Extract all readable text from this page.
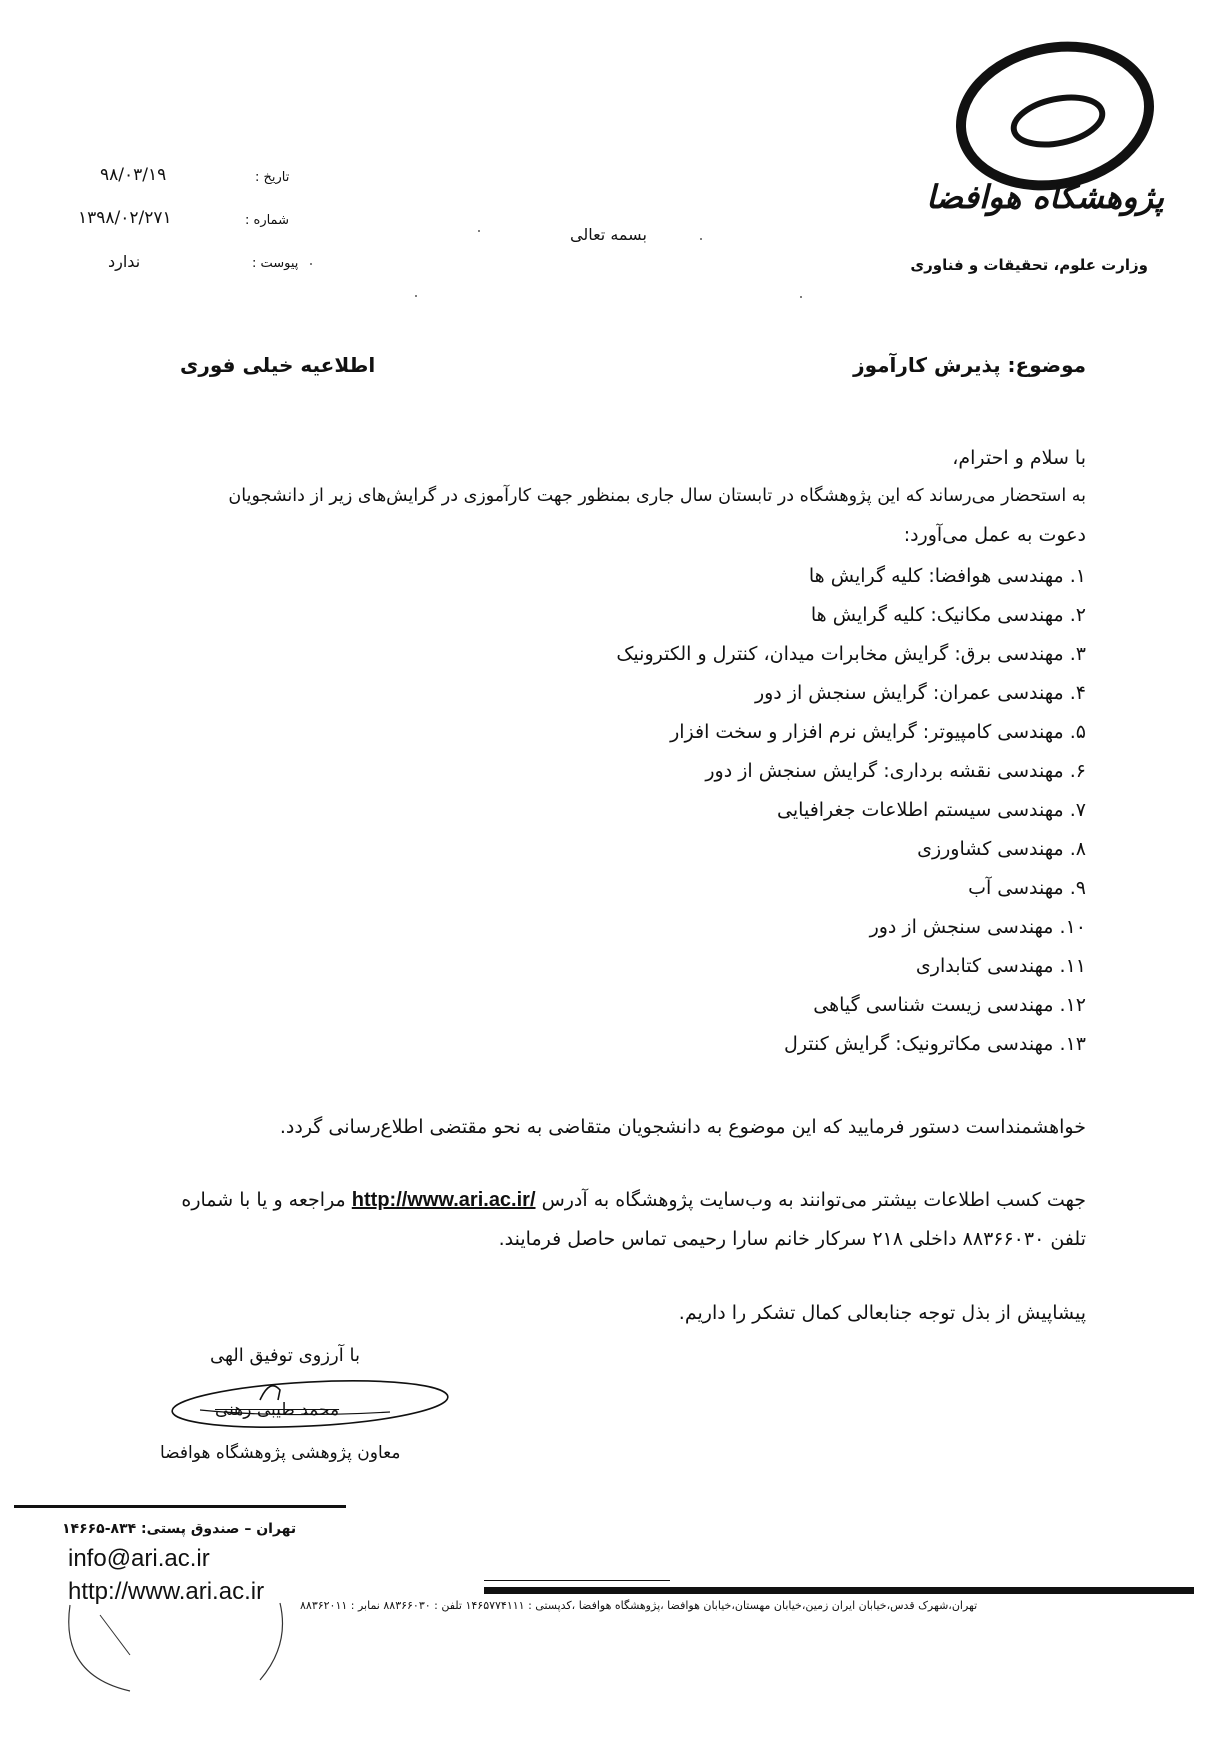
پژوهشگاه هوافضا
وزارت علوم، تحقیقات و فناوری
بسمه تعالی
تاریخ :
۹۸/۰۳/۱۹
شماره :
۱۳۹۸/۰۲/۲۷۱
پیوست :
ندارد
موضوع: پذیرش کارآموز
اطلاعیه خیلی فوری
با سلام و احترام،
به استحضار می‌رساند که این پژوهشگاه در تابستان سال جاری بمنظور جهت کارآموزی در گرایش‌های زیر از دانشجویان
دعوت به عمل می‌آورد:
۱. مهندسی هوافضا: کلیه گرایش ها
۲. مهندسی مکانیک: کلیه گرایش ها
۳. مهندسی برق: گرایش مخابرات میدان، کنترل و الکترونیک
۴. مهندسی عمران: گرایش سنجش از دور
۵. مهندسی کامپیوتر: گرایش نرم افزار و سخت افزار
۶. مهندسی نقشه برداری: گرایش سنجش از دور
۷. مهندسی سیستم اطلاعات جغرافیایی
۸. مهندسی کشاورزی
۹. مهندسی آب
۱۰. مهندسی سنجش از دور
۱۱. مهندسی کتابداری
۱۲. مهندسی زیست شناسی گیاهی
۱۳. مهندسی مکاترونیک: گرایش کنترل
خواهشمنداست دستور فرمایید که این موضوع به دانشجویان متقاضی به نحو مقتضی اطلاع‌رسانی گردد.
جهت کسب اطلاعات بیشتر می‌توانند به وب‌سایت پژوهشگاه به آدرس http://www.ari.ac.ir/ مراجعه و یا با شماره
تلفن ۸۸۳۶۶۰۳۰ داخلی ۲۱۸ سرکار خانم سارا رحیمی تماس حاصل فرمایند.
پیشاپیش از بذل توجه جنابعالی کمال تشکر را داریم.
با آرزوی توفیق الهی
محمد طیبی رهنی
معاون پژوهشی پژوهشگاه هوافضا
تهران – صندوق پستی: ۸۳۴-۱۴۶۶۵
info@ari.ac.ir
http://www.ari.ac.ir
تهران،شهرک قدس،خیابان ایران زمین،خیابان مهستان،خیابان هوافضا ،پژوهشگاه هوافضا ،کدپستی : ۱۴۶۵۷۷۴۱۱۱ تلفن : ۸۸۳۶۶۰۳۰ نمابر : ۸۸۳۶۲۰۱۱
